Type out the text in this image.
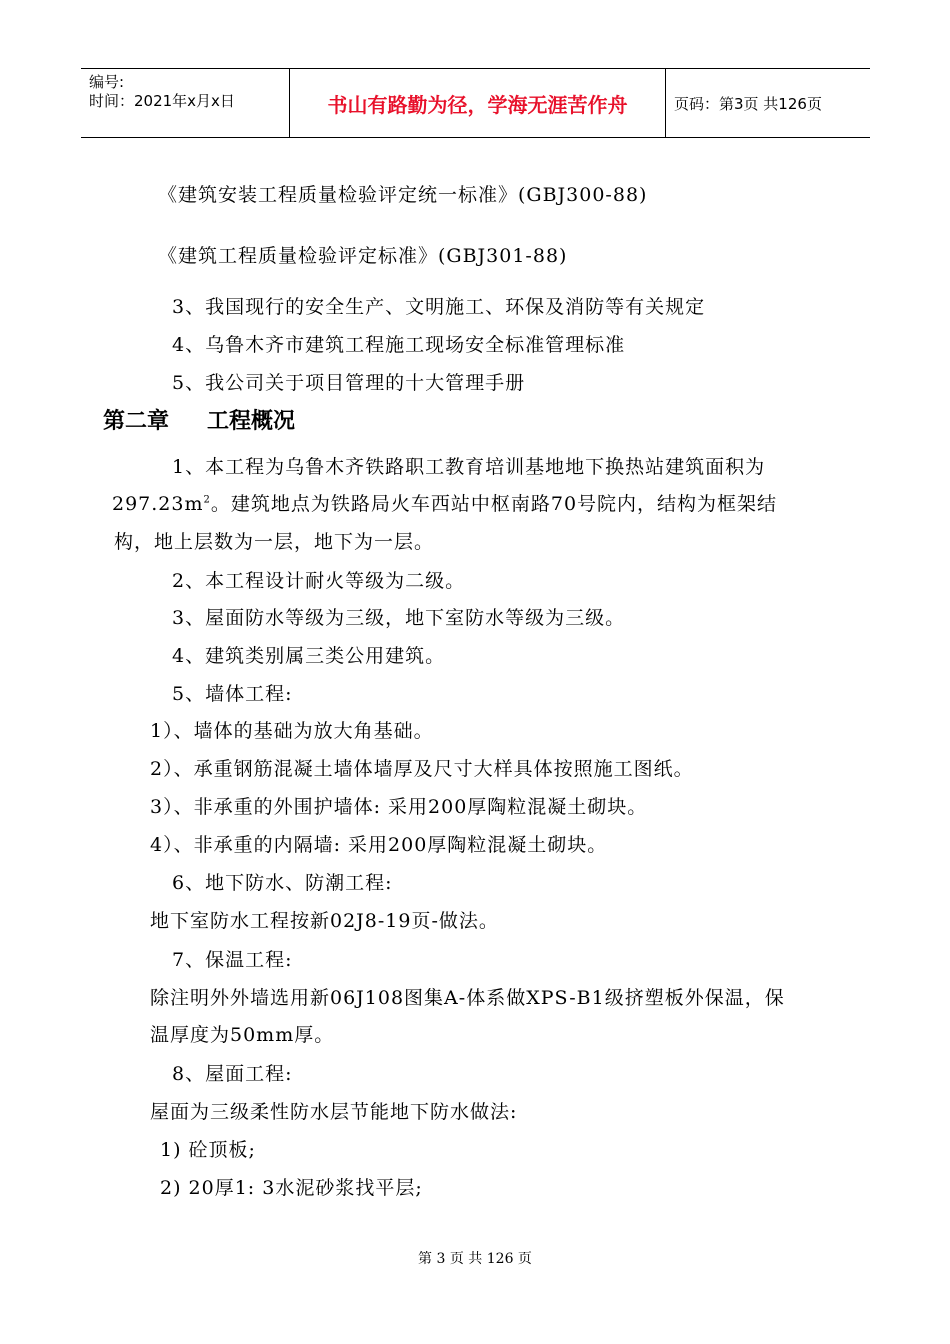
编号:
时间：2021年x月x日	书山有路勤为径，学海无涯苦作舟	页码：第3页 共126页
《建筑安装工程质量检验评定统一标准》(GBJ300-88)
《建筑工程质量检验评定标准》(GBJ301-88)
3、我国现行的安全生产、文明施工、环保及消防等有关规定
4、乌鲁木齐市建筑工程施工现场安全标准管理标准
5、我公司关于项目管理的十大管理手册
第二章 工程概况
1、本工程为乌鲁木齐铁路职工教育培训基地地下换热站建筑面积为
$297.23m^2$。建筑地点为铁路局火车西站中枢南路70号院内，结构为框架结
构，地上层数为一层，地下为一层。
2、本工程设计耐火等级为二级。
3、屋面防水等级为三级，地下室防水等级为三级。
4、建筑类别属三类公用建筑。
5、墙体工程:
1）、墙体的基础为放大角基础。
2）、承重钢筋混凝土墙体墙厚及尺寸大样具体按照施工图纸。
3）、非承重的外围护墙体: 采用200厚陶粒混凝土砌块。
4）、非承重的内隔墙: 采用200厚陶粒混凝土砌块。
6、地下防水、防潮工程:
地下室防水工程按新02J8-19页-做法。
7、保温工程:
除注明外外墙选用新06J108图集A-体系做XPS-B1级挤塑板外保温，保
温厚度为50mm厚。
8、屋面工程:
屋面为三级柔性防水层节能地下防水做法:
1) 砼顶板;
2) 20厚1: 3水泥砂浆找平层;
第 3 页 共 126 页
